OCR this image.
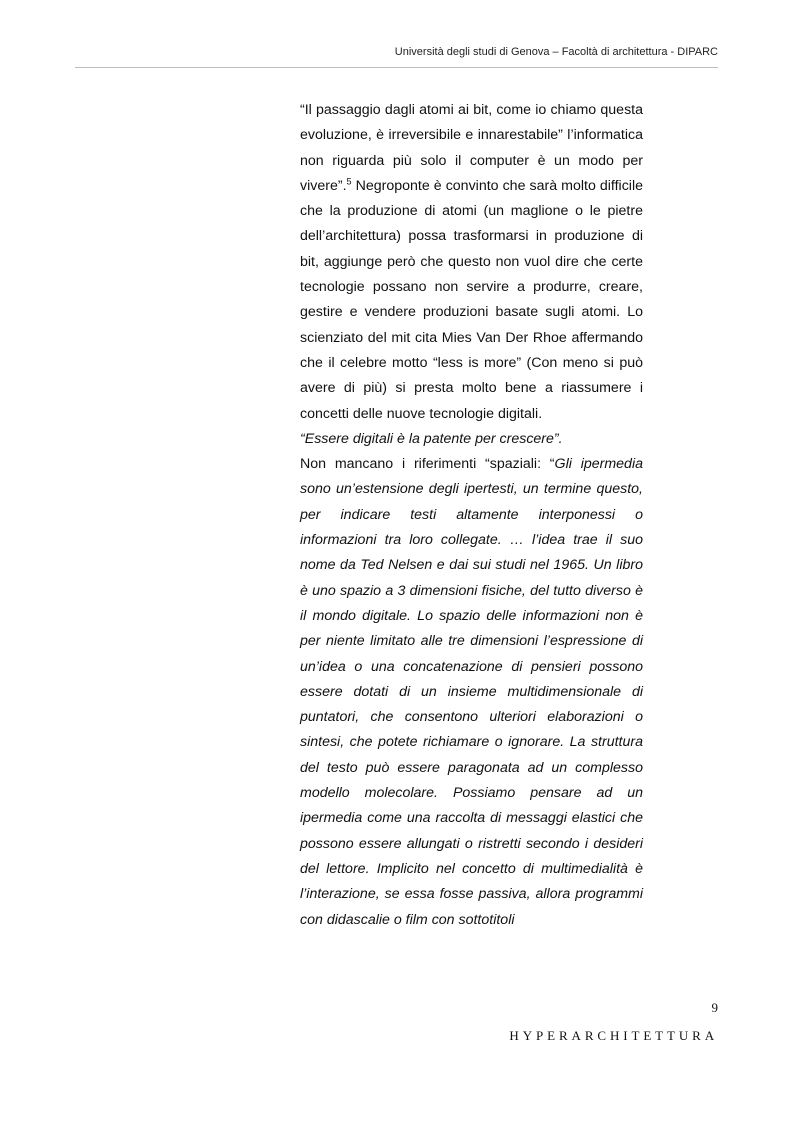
Università degli studi di Genova – Facoltà di architettura - DIPARC

“Il passaggio dagli atomi ai bit, come io chiamo questa evoluzione, è irreversibile e innarestabile” l’informatica non riguarda più solo il computer è un modo per vivere”.$^5$ Negroponte è convinto che sarà molto difficile che la produzione di atomi (un maglione o le pietre dell’architettura) possa trasformarsi in produzione di bit, aggiunge però che questo non vuol dire che certe tecnologie possano non servire a produrre, creare, gestire e vendere produzioni basate sugli atomi. Lo scienziato del mit cita Mies Van Der Rhoe affermando che il celebre motto “less is more” (Con meno si può avere di più) si presta molto bene a riassumere i concetti delle nuove tecnologie digitali.

“Essere digitali è la patente per crescere”.

Non mancano i riferimenti “spaziali: “Gli ipermedia sono un’estensione degli ipertesti, un termine questo, per indicare testi altamente interponessi o informazioni tra loro collegate. … l’idea trae il suo nome da Ted Nelsen e dai sui studi nel 1965. Un libro è uno spazio a 3 dimensioni fisiche, del tutto diverso è il mondo digitale. Lo spazio delle informazioni non è per niente limitato alle tre dimensioni l’espressione di un’idea o una concatenazione di pensieri possono essere dotati di un insieme multidimensionale di puntatori, che consentono ulteriori elaborazioni o sintesi, che potete richiamare o ignorare. La struttura del testo può essere paragonata ad un complesso modello molecolare. Possiamo pensare ad un ipermedia come una raccolta di messaggi elastici che possono essere allungati o ristretti secondo i desideri del lettore. Implicito nel concetto di multimedialità è l’interazione, se essa fosse passiva, allora programmi con didascalie o film con sottotitoli

9
HYPERARCHITETTURA
